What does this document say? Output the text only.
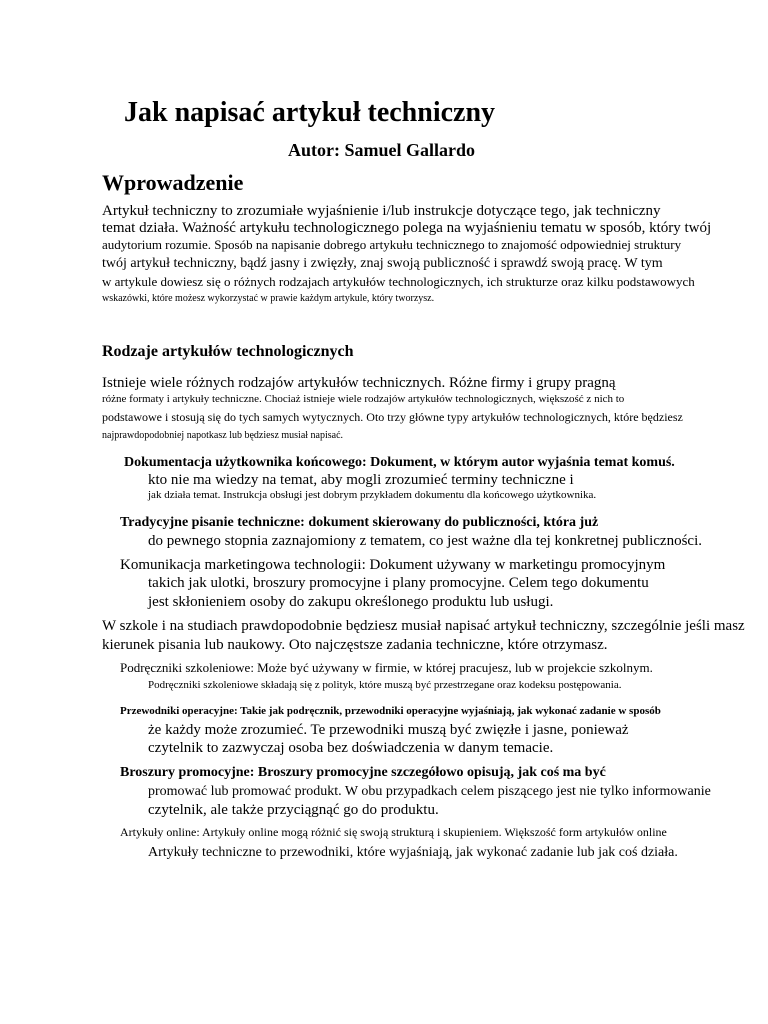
Jak napisać artykuł techniczny
Autor: Samuel Gallardo
Wprowadzenie
Artykuł techniczny to zrozumiałe wyjaśnienie i/lub instrukcje dotyczące tego, jak techniczny
temat działa. Ważność artykułu technologicznego polega na wyjaśnieniu tematu w sposób, który twój
audytorium rozumie. Sposób na napisanie dobrego artykułu technicznego to znajomość odpowiedniej struktury
twój artykuł techniczny, bądź jasny i zwięzły, znaj swoją publiczność i sprawdź swoją pracę. W tym
w artykule dowiesz się o różnych rodzajach artykułów technologicznych, ich strukturze oraz kilku podstawowych
wskazówki, które możesz wykorzystać w prawie każdym artykule, który tworzysz.
Rodzaje artykułów technologicznych
Istnieje wiele różnych rodzajów artykułów technicznych. Różne firmy i grupy pragną
różne formaty i artykuły techniczne. Chociaż istnieje wiele rodzajów artykułów technologicznych, większość z nich to
podstawowe i stosują się do tych samych wytycznych. Oto trzy główne typy artykułów technologicznych, które będziesz
najprawdopodobniej napotkasz lub będziesz musiał napisać.
Dokumentacja użytkownika końcowego: Dokument, w którym autor wyjaśnia temat komuś.
kto nie ma wiedzy na temat, aby mogli zrozumieć terminy techniczne i
jak działa temat. Instrukcja obsługi jest dobrym przykładem dokumentu dla końcowego użytkownika.
Tradycyjne pisanie techniczne: dokument skierowany do publiczności, która już
do pewnego stopnia zaznajomiony z tematem, co jest ważne dla tej konkretnej publiczności.
Komunikacja marketingowa technologii: Dokument używany w marketingu promocyjnym
takich jak ulotki, broszury promocyjne i plany promocyjne. Celem tego dokumentu
jest skłonieniem osoby do zakupu określonego produktu lub usługi.
W szkole i na studiach prawdopodobnie będziesz musiał napisać artykuł techniczny, szczególnie jeśli masz
kierunek pisania lub naukowy. Oto najczęstsze zadania techniczne, które otrzymasz.
Podręczniki szkoleniowe: Może być używany w firmie, w której pracujesz, lub w projekcie szkolnym.
Podręczniki szkoleniowe składają się z polityk, które muszą być przestrzegane oraz kodeksu postępowania.
Przewodniki operacyjne: Takie jak podręcznik, przewodniki operacyjne wyjaśniają, jak wykonać zadanie w sposób
że każdy może zrozumieć. Te przewodniki muszą być zwięzłe i jasne, ponieważ
czytelnik to zazwyczaj osoba bez doświadczenia w danym temacie.
Broszury promocyjne: Broszury promocyjne szczegółowo opisują, jak coś ma być
promować lub promować produkt. W obu przypadkach celem piszącego jest nie tylko informowanie
czytelnik, ale także przyciągnąć go do produktu.
Artykuły online: Artykuły online mogą różnić się swoją strukturą i skupieniem. Większość form artykułów online
Artykuły techniczne to przewodniki, które wyjaśniają, jak wykonać zadanie lub jak coś działa.
